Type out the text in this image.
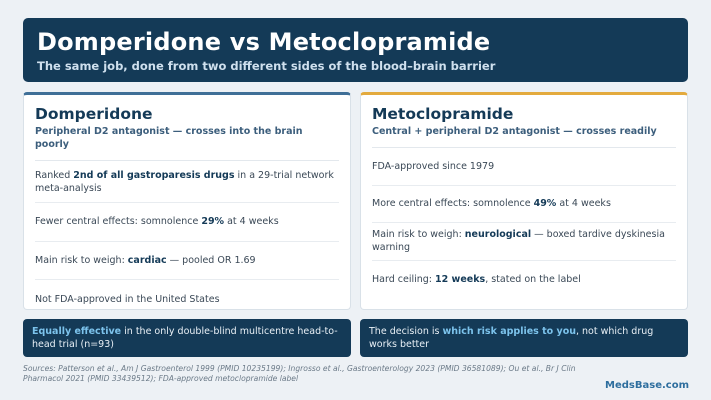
Domperidone vs Metoclopramide
The same job, done from two different sides of the blood–brain barrier
Domperidone
Peripheral D2 antagonist — crosses into the brain poorly
Ranked 2nd of all gastroparesis drugs in a 29-trial network meta-analysis
Fewer central effects: somnolence 29% at 4 weeks
Main risk to weigh: cardiac — pooled OR 1.69
Not FDA-approved in the United States
Metoclopramide
Central + peripheral D2 antagonist — crosses readily
FDA-approved since 1979
More central effects: somnolence 49% at 4 weeks
Main risk to weigh: neurological — boxed tardive dyskinesia warning
Hard ceiling: 12 weeks, stated on the label
Equally effective in the only double-blind multicentre head-to-head trial (n=93)
The decision is which risk applies to you, not which drug works better
Sources: Patterson et al., Am J Gastroenterol 1999 (PMID 10235199); Ingrosso et al., Gastroenterology 2023 (PMID 36581089); Ou et al., Br J Clin Pharmacol 2021 (PMID 33439512); FDA-approved metoclopramide label
MedsBase.com
